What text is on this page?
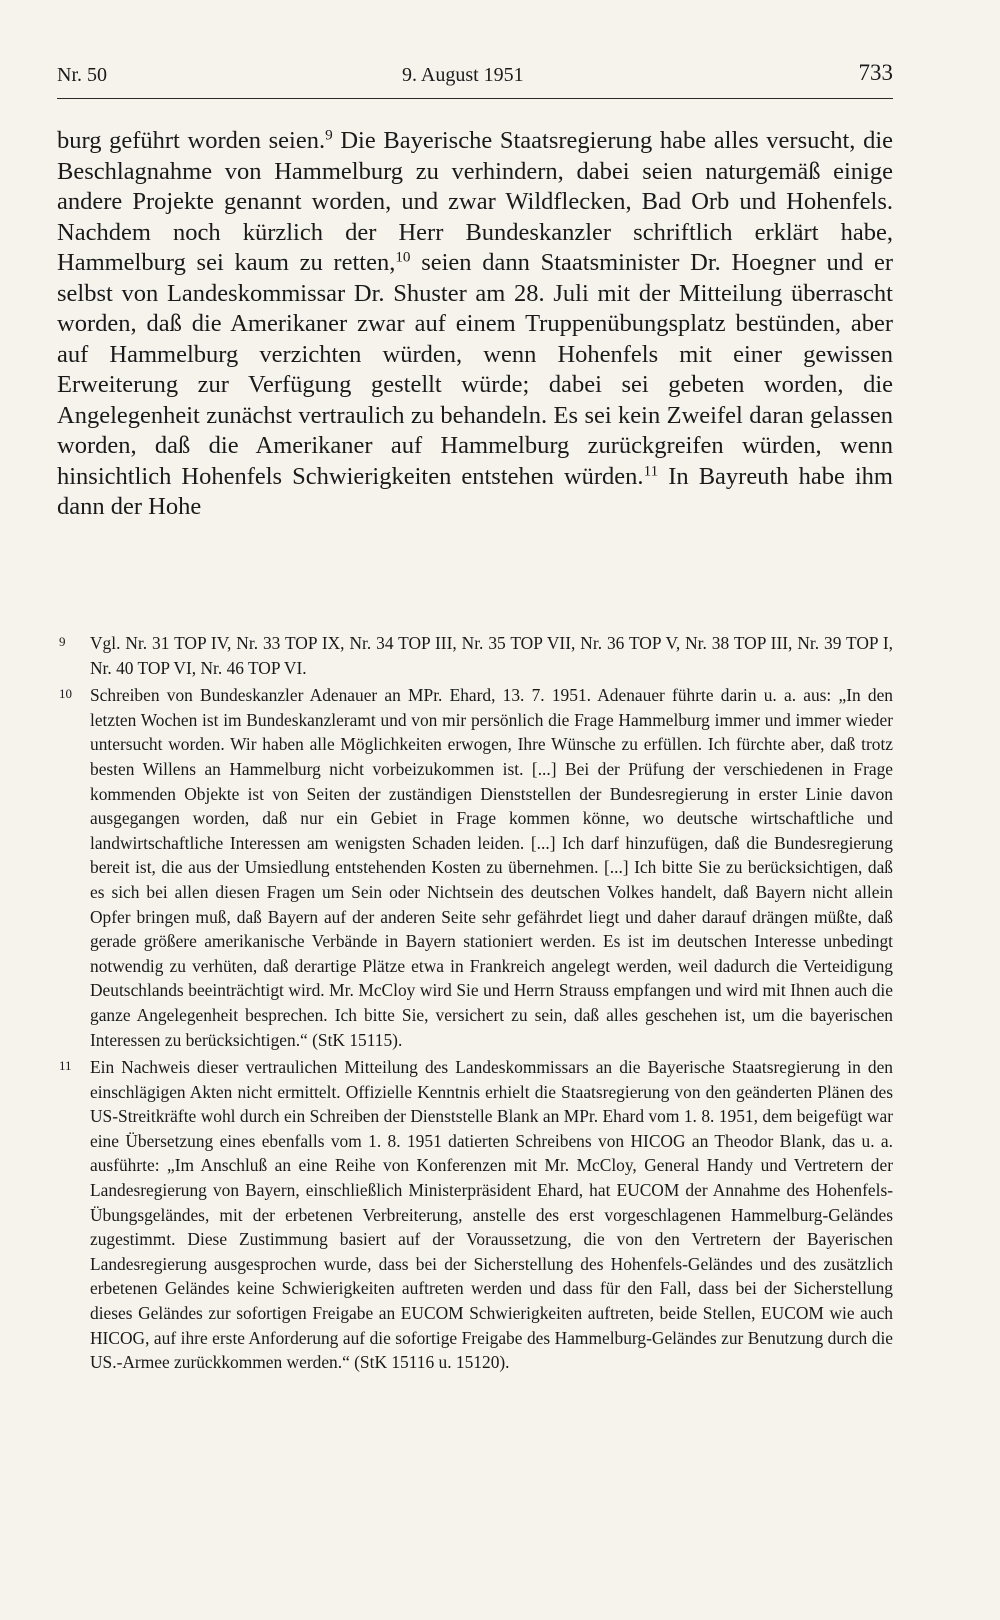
Nr. 50	9. August 1951	733

burg geführt worden seien.$^9$ Die Bayerische Staatsregierung habe alles versucht, die Beschlagnahme von Hammelburg zu verhindern, dabei seien naturgemäß einige andere Projekte genannt worden, und zwar Wildflecken, Bad Orb und Hohenfels. Nachdem noch kürzlich der Herr Bundeskanzler schriftlich erklärt habe, Hammelburg sei kaum zu retten,$^{10}$ seien dann Staatsminister Dr. Hoegner und er selbst von Landeskommissar Dr. Shuster am 28. Juli mit der Mitteilung überrascht worden, daß die Amerikaner zwar auf einem Truppenübungsplatz bestünden, aber auf Hammelburg verzichten würden, wenn Hohenfels mit einer gewissen Erweiterung zur Verfügung gestellt würde; dabei sei gebeten worden, die Angelegenheit zunächst vertraulich zu behandeln. Es sei kein Zweifel daran gelassen worden, daß die Amerikaner auf Hammelburg zurückgreifen würden, wenn hinsichtlich Hohenfels Schwierigkeiten entstehen würden.$^{11}$ In Bayreuth habe ihm dann der Hohe

9 Vgl. Nr. 31 TOP IV, Nr. 33 TOP IX, Nr. 34 TOP III, Nr. 35 TOP VII, Nr. 36 TOP V, Nr. 38 TOP III, Nr. 39 TOP I, Nr. 40 TOP VI, Nr. 46 TOP VI.
10 Schreiben von Bundeskanzler Adenauer an MPr. Ehard, 13. 7. 1951. Adenauer führte darin u. a. aus: „In den letzten Wochen ist im Bundeskanzleramt und von mir persönlich die Frage Hammelburg immer und immer wieder untersucht worden. Wir haben alle Möglichkeiten erwogen, Ihre Wünsche zu erfüllen. Ich fürchte aber, daß trotz besten Willens an Hammelburg nicht vorbeizukommen ist. [...] Bei der Prüfung der verschiedenen in Frage kommenden Objekte ist von Seiten der zuständigen Dienststellen der Bundesregierung in erster Linie davon ausgegangen worden, daß nur ein Gebiet in Frage kommen könne, wo deutsche wirtschaftliche und landwirtschaftliche Interessen am wenigsten Schaden leiden. [...] Ich darf hinzufügen, daß die Bundesregierung bereit ist, die aus der Umsiedlung entstehenden Kosten zu übernehmen. [...] Ich bitte Sie zu berücksichtigen, daß es sich bei allen diesen Fragen um Sein oder Nichtsein des deutschen Volkes handelt, daß Bayern nicht allein Opfer bringen muß, daß Bayern auf der anderen Seite sehr gefährdet liegt und daher darauf drängen müßte, daß gerade größere amerikanische Verbände in Bayern stationiert werden. Es ist im deutschen Interesse unbedingt notwendig zu verhüten, daß derartige Plätze etwa in Frankreich angelegt werden, weil dadurch die Verteidigung Deutschlands beeinträchtigt wird. Mr. McCloy wird Sie und Herrn Strauss empfangen und wird mit Ihnen auch die ganze Angelegenheit besprechen. Ich bitte Sie, versichert zu sein, daß alles geschehen ist, um die bayerischen Interessen zu berücksichtigen.“ (StK 15115).
11 Ein Nachweis dieser vertraulichen Mitteilung des Landeskommissars an die Bayerische Staatsregierung in den einschlägigen Akten nicht ermittelt. Offizielle Kenntnis erhielt die Staatsregierung von den geänderten Plänen des US-Streitkräfte wohl durch ein Schreiben der Dienststelle Blank an MPr. Ehard vom 1. 8. 1951, dem beigefügt war eine Übersetzung eines ebenfalls vom 1. 8. 1951 datierten Schreibens von HICOG an Theodor Blank, das u. a. ausführte: „Im Anschluß an eine Reihe von Konferenzen mit Mr. McCloy, General Handy und Vertretern der Landesregierung von Bayern, einschließlich Ministerpräsident Ehard, hat EUCOM der Annahme des Hohenfels-Übungsgeländes, mit der erbetenen Verbreiterung, anstelle des erst vorgeschlagenen Hammelburg-Geländes zugestimmt. Diese Zustimmung basiert auf der Voraussetzung, die von den Vertretern der Bayerischen Landesregierung ausgesprochen wurde, dass bei der Sicherstellung des Hohenfels-Geländes und des zusätzlich erbetenen Geländes keine Schwierigkeiten auftreten werden und dass für den Fall, dass bei der Sicherstellung dieses Geländes zur sofortigen Freigabe an EUCOM Schwierigkeiten auftreten, beide Stellen, EUCOM wie auch HICOG, auf ihre erste Anforderung auf die sofortige Freigabe des Hammelburg-Geländes zur Benutzung durch die US.-Armee zurückkommen werden.“ (StK 15116 u. 15120).
